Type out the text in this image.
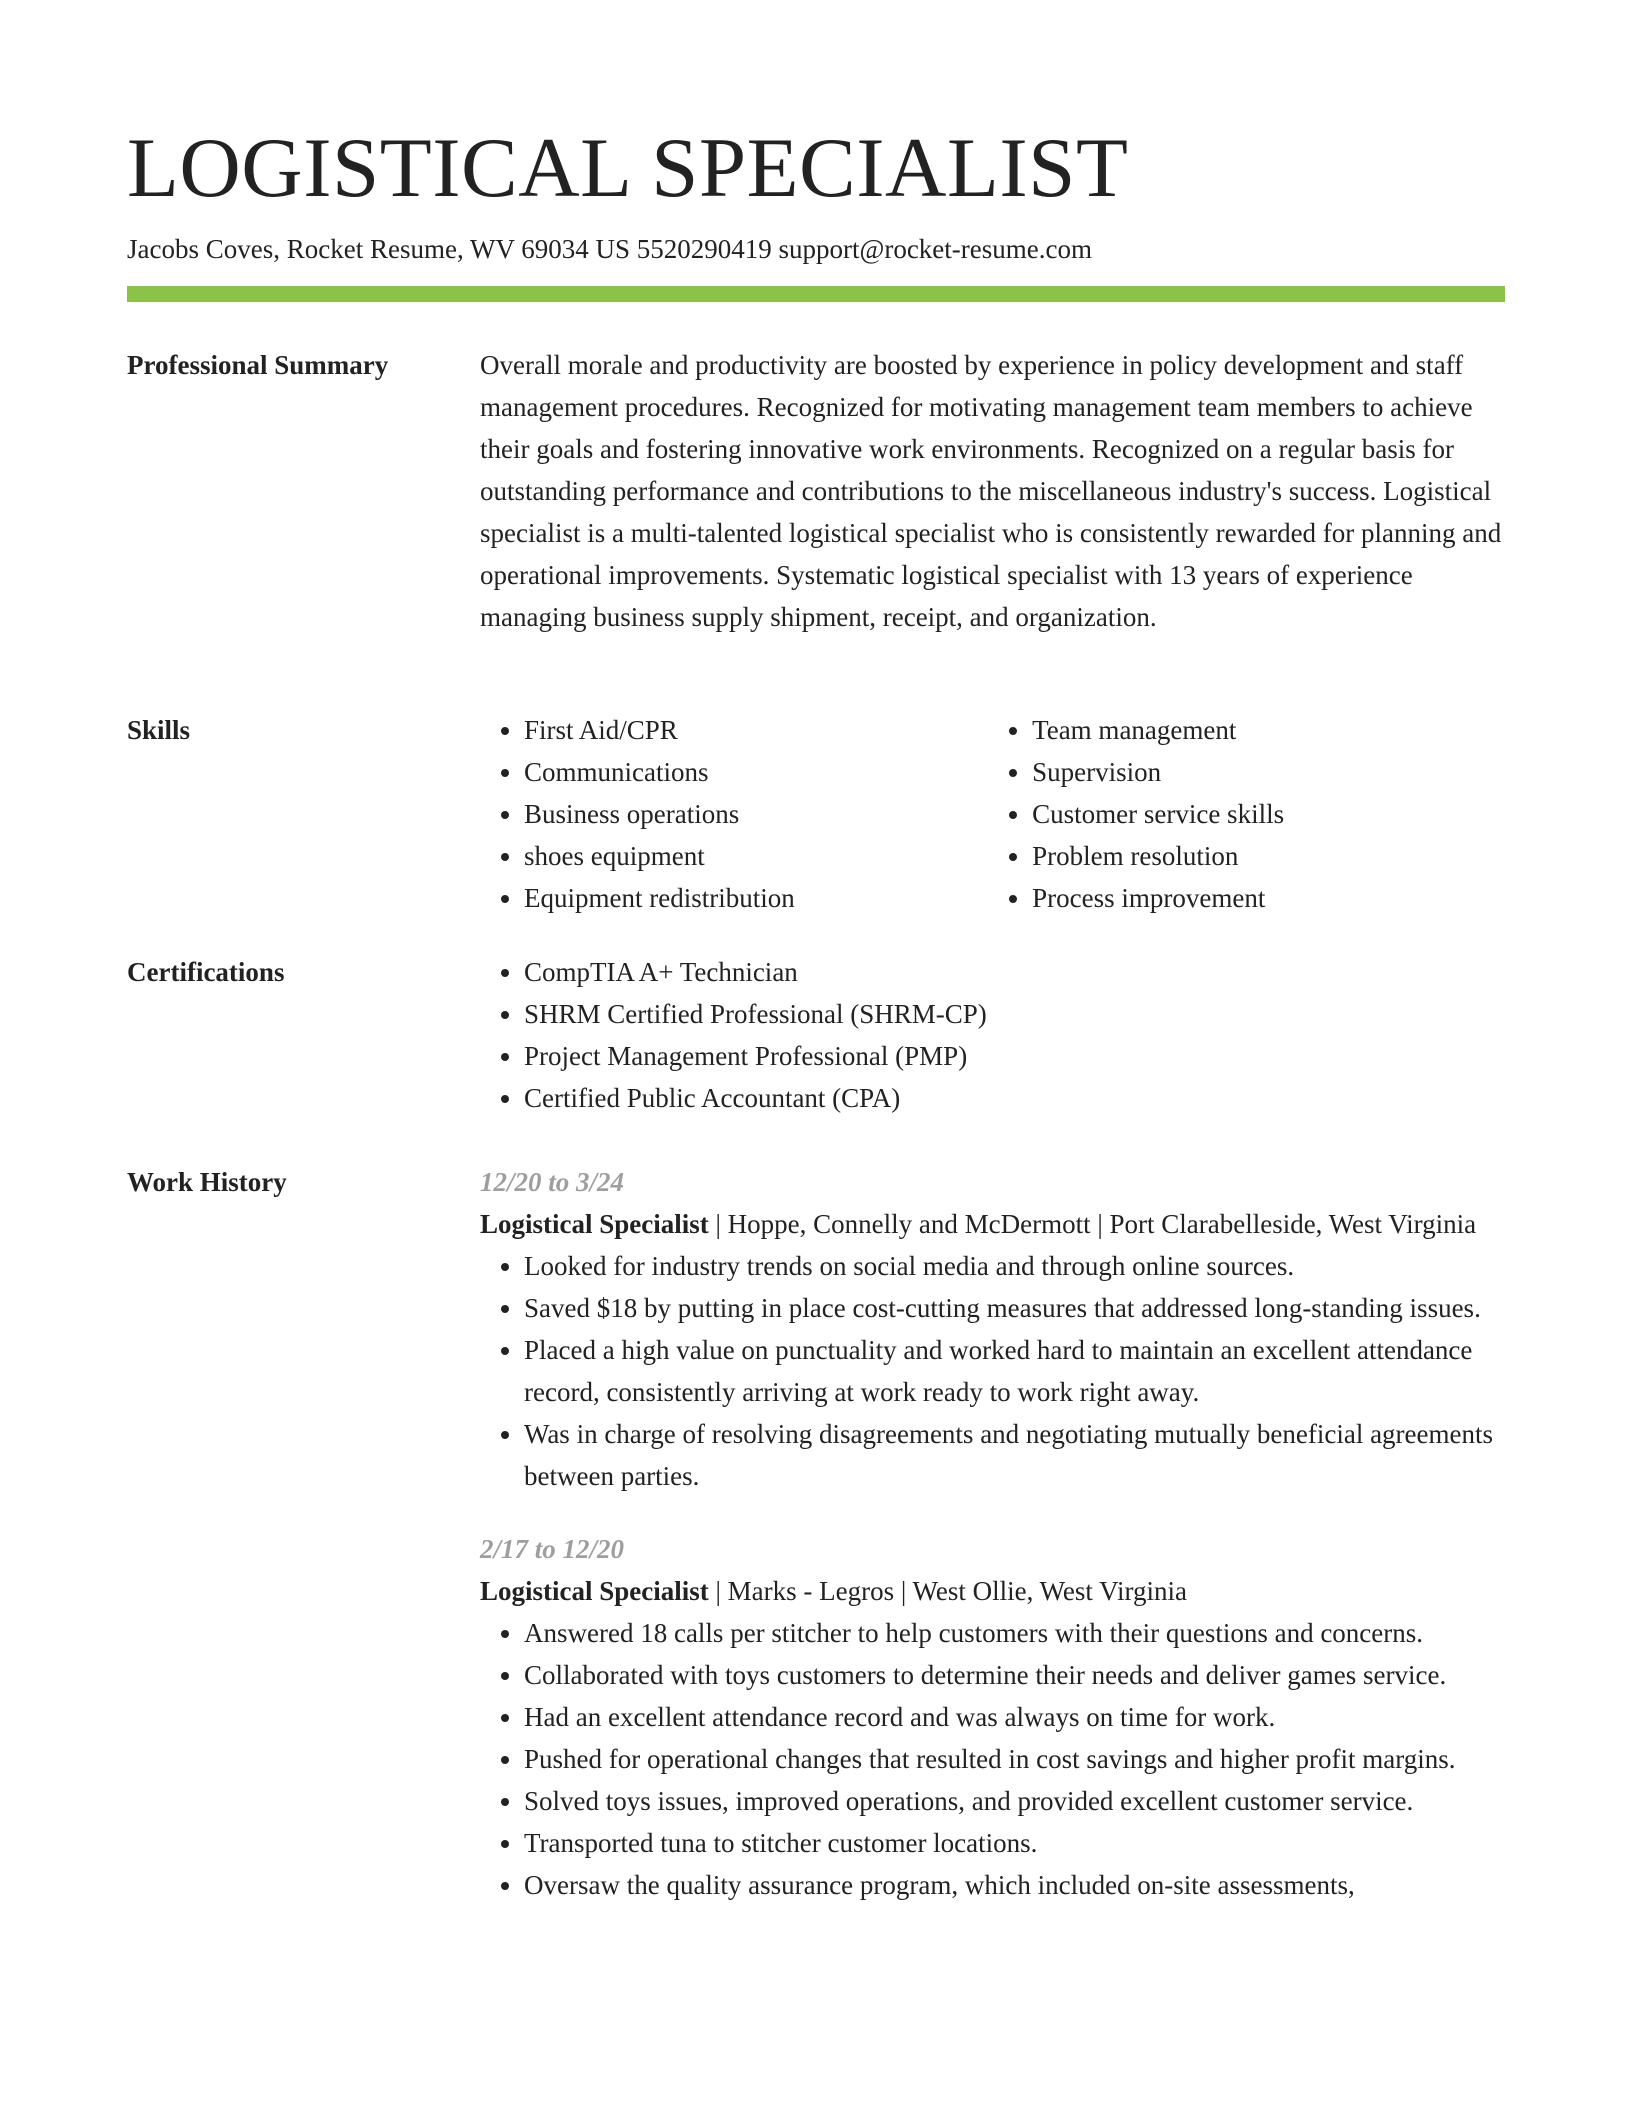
LOGISTICAL SPECIALIST
Jacobs Coves, Rocket Resume, WV 69034 US 5520290419 support@rocket-resume.com
Professional Summary	Overall morale and productivity are boosted by experience in policy development and staff management procedures. Recognized for motivating management team members to achieve their goals and fostering innovative work environments. Recognized on a regular basis for outstanding performance and contributions to the miscellaneous industry's success. Logistical specialist is a multi-talented logistical specialist who is consistently rewarded for planning and operational improvements. Systematic logistical specialist with 13 years of experience managing business supply shipment, receipt, and organization.

Skills	• First Aid/CPR
• Communications
• Business operations
• shoes equipment
• Equipment redistribution
• Team management
• Supervision
• Customer service skills
• Problem resolution
• Process improvement
Certifications	• CompTIA A+ Technician
• SHRM Certified Professional (SHRM-CP)
• Project Management Professional (PMP)
• Certified Public Accountant (CPA)
Work History	12/20 to 3/24
Logistical Specialist | Hoppe, Connelly and McDermott | Port Clarabelleside, West Virginia
• Looked for industry trends on social media and through online sources.
• Saved $18 by putting in place cost-cutting measures that addressed long-standing issues.
• Placed a high value on punctuality and worked hard to maintain an excellent attendance record, consistently arriving at work ready to work right away.
• Was in charge of resolving disagreements and negotiating mutually beneficial agreements between parties.
2/17 to 12/20
Logistical Specialist | Marks - Legros | West Ollie, West Virginia
• Answered 18 calls per stitcher to help customers with their questions and concerns.
• Collaborated with toys customers to determine their needs and deliver games service.
• Had an excellent attendance record and was always on time for work.
• Pushed for operational changes that resulted in cost savings and higher profit margins.
• Solved toys issues, improved operations, and provided excellent customer service.
• Transported tuna to stitcher customer locations.
• Oversaw the quality assurance program, which included on-site assessments,
